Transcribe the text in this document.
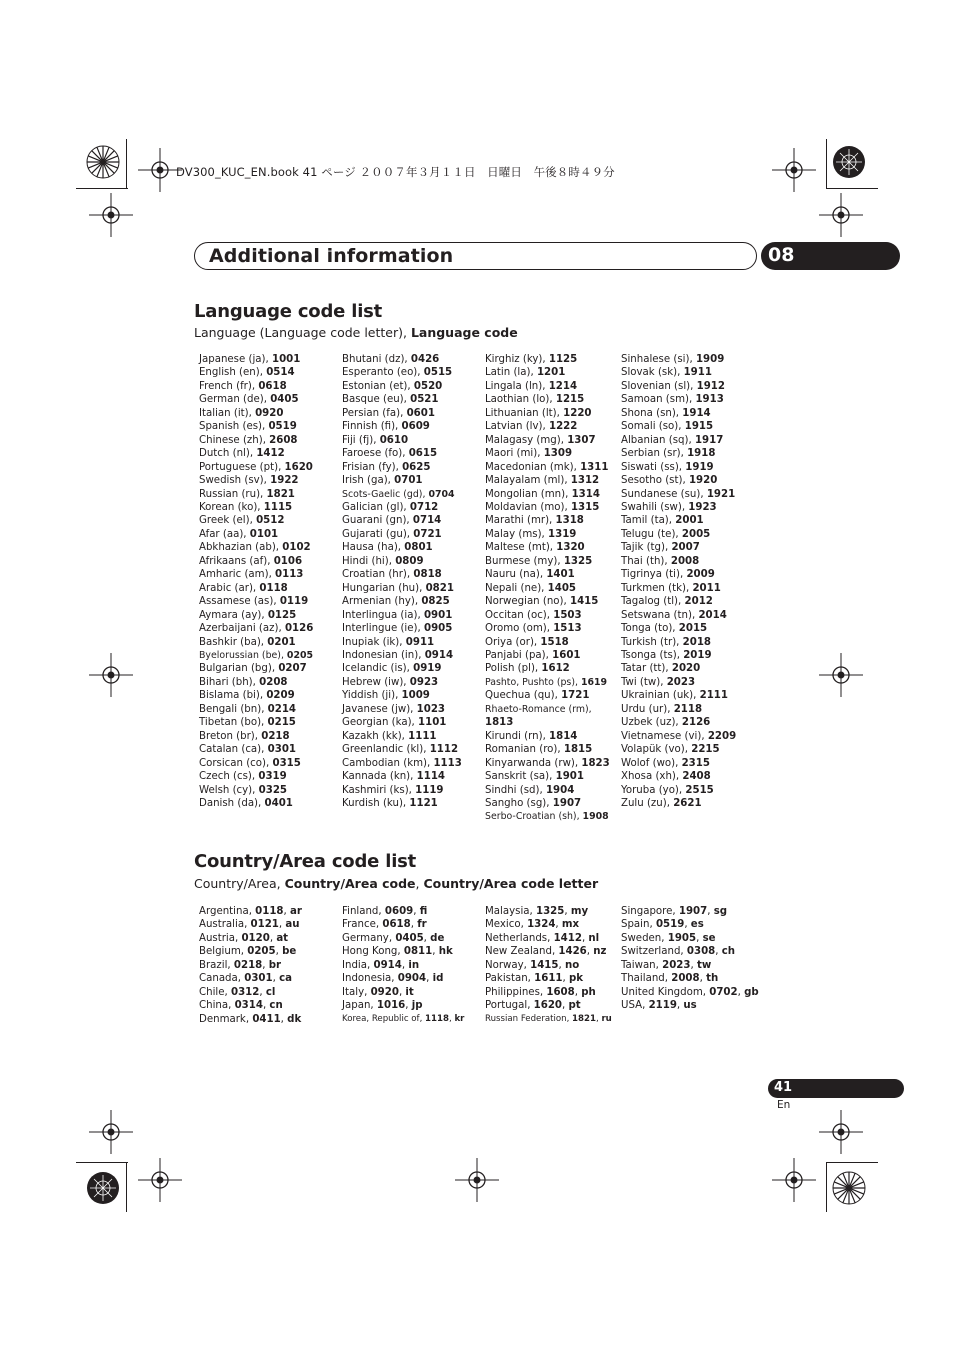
DV300_KUC_EN.book 41 ページ ２００７年３月１１日　日曜日　午後８時４９分
Additional information	08
Language code list
Language (Language code letter), Language code
Japanese (ja), 1001
English (en), 0514
French (fr), 0618
German (de), 0405
Italian (it), 0920
Spanish (es), 0519
Chinese (zh), 2608
Dutch (nl), 1412
Portuguese (pt), 1620
Swedish (sv), 1922
Russian (ru), 1821
Korean (ko), 1115
Greek (el), 0512
Afar (aa), 0101
Abkhazian (ab), 0102
Afrikaans (af), 0106
Amharic (am), 0113
Arabic (ar), 0118
Assamese (as), 0119
Aymara (ay), 0125
Azerbaijani (az), 0126
Bashkir (ba), 0201
Byelorussian (be), 0205
Bulgarian (bg), 0207
Bihari (bh), 0208
Bislama (bi), 0209
Bengali (bn), 0214
Tibetan (bo), 0215
Breton (br), 0218
Catalan (ca), 0301
Corsican (co), 0315
Czech (cs), 0319
Welsh (cy), 0325
Danish (da), 0401
Bhutani (dz), 0426
Esperanto (eo), 0515
Estonian (et), 0520
Basque (eu), 0521
Persian (fa), 0601
Finnish (fi), 0609
Fiji (fj), 0610
Faroese (fo), 0615
Frisian (fy), 0625
Irish (ga), 0701
Scots-Gaelic (gd), 0704
Galician (gl), 0712
Guarani (gn), 0714
Gujarati (gu), 0721
Hausa (ha), 0801
Hindi (hi), 0809
Croatian (hr), 0818
Hungarian (hu), 0821
Armenian (hy), 0825
Interlingua (ia), 0901
Interlingue (ie), 0905
Inupiak (ik), 0911
Indonesian (in), 0914
Icelandic (is), 0919
Hebrew (iw), 0923
Yiddish (ji), 1009
Javanese (jw), 1023
Georgian (ka), 1101
Kazakh (kk), 1111
Greenlandic (kl), 1112
Cambodian (km), 1113
Kannada (kn), 1114
Kashmiri (ks), 1119
Kurdish (ku), 1121
Kirghiz (ky), 1125
Latin (la), 1201
Lingala (ln), 1214
Laothian (lo), 1215
Lithuanian (lt), 1220
Latvian (lv), 1222
Malagasy (mg), 1307
Maori (mi), 1309
Macedonian (mk), 1311
Malayalam (ml), 1312
Mongolian (mn), 1314
Moldavian (mo), 1315
Marathi (mr), 1318
Malay (ms), 1319
Maltese (mt), 1320
Burmese (my), 1325
Nauru (na), 1401
Nepali (ne), 1405
Norwegian (no), 1415
Occitan (oc), 1503
Oromo (om), 1513
Oriya (or), 1518
Panjabi (pa), 1601
Polish (pl), 1612
Pashto, Pushto (ps), 1619
Quechua (qu), 1721
Rhaeto-Romance (rm),
1813
Kirundi (rn), 1814
Romanian (ro), 1815
Kinyarwanda (rw), 1823
Sanskrit (sa), 1901
Sindhi (sd), 1904
Sangho (sg), 1907
Serbo-Croatian (sh), 1908
Sinhalese (si), 1909
Slovak (sk), 1911
Slovenian (sl), 1912
Samoan (sm), 1913
Shona (sn), 1914
Somali (so), 1915
Albanian (sq), 1917
Serbian (sr), 1918
Siswati (ss), 1919
Sesotho (st), 1920
Sundanese (su), 1921
Swahili (sw), 1923
Tamil (ta), 2001
Telugu (te), 2005
Tajik (tg), 2007
Thai (th), 2008
Tigrinya (ti), 2009
Turkmen (tk), 2011
Tagalog (tl), 2012
Setswana (tn), 2014
Tonga (to), 2015
Turkish (tr), 2018
Tsonga (ts), 2019
Tatar (tt), 2020
Twi (tw), 2023
Ukrainian (uk), 2111
Urdu (ur), 2118
Uzbek (uz), 2126
Vietnamese (vi), 2209
Volapük (vo), 2215
Wolof (wo), 2315
Xhosa (xh), 2408
Yoruba (yo), 2515
Zulu (zu), 2621
Country/Area code list
Country/Area, Country/Area code, Country/Area code letter
Argentina, 0118, ar
Australia, 0121, au
Austria, 0120, at
Belgium, 0205, be
Brazil, 0218, br
Canada, 0301, ca
Chile, 0312, cl
China, 0314, cn
Denmark, 0411, dk
Finland, 0609, fi
France, 0618, fr
Germany, 0405, de
Hong Kong, 0811, hk
India, 0914, in
Indonesia, 0904, id
Italy, 0920, it
Japan, 1016, jp
Korea, Republic of, 1118, kr
Malaysia, 1325, my
Mexico, 1324, mx
Netherlands, 1412, nl
New Zealand, 1426, nz
Norway, 1415, no
Pakistan, 1611, pk
Philippines, 1608, ph
Portugal, 1620, pt
Russian Federation, 1821, ru
Singapore, 1907, sg
Spain, 0519, es
Sweden, 1905, se
Switzerland, 0308, ch
Taiwan, 2023, tw
Thailand, 2008, th
United Kingdom, 0702, gb
USA, 2119, us
41
En
